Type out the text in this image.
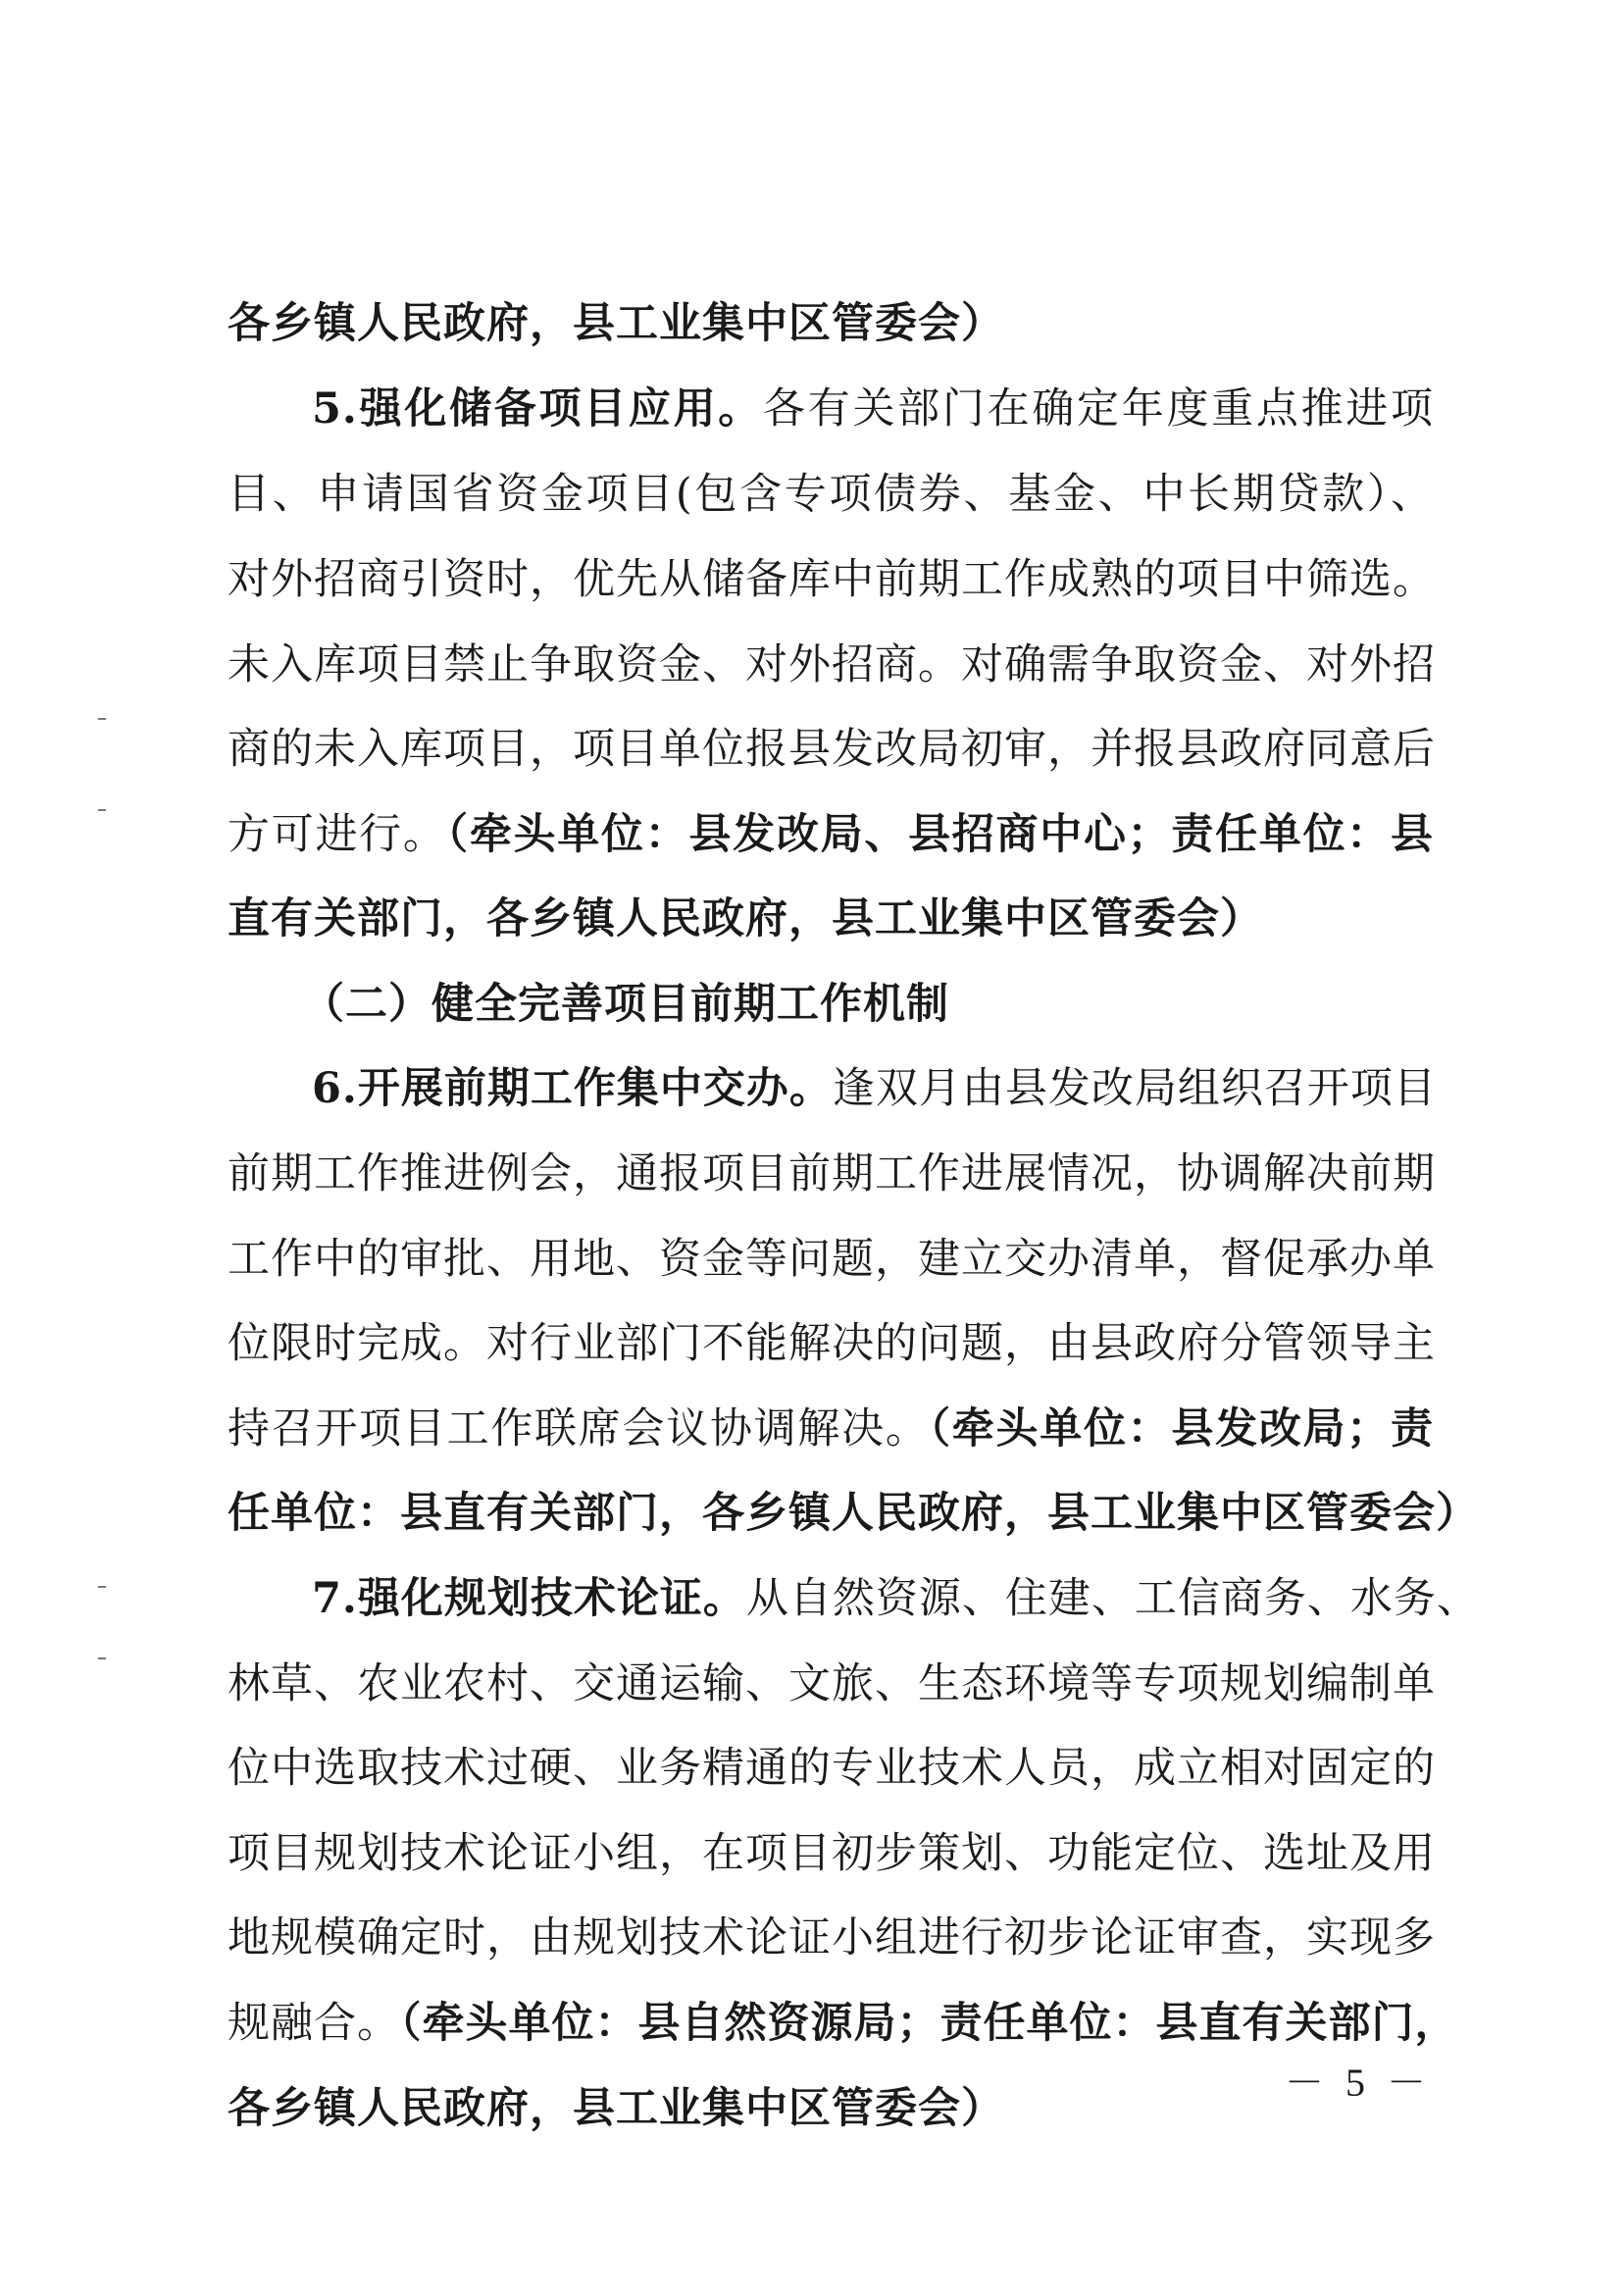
各乡镇人民政府，县工业集中区管委会）
5.强化储备项目应用。各有关部门在确定年度重点推进项
目、申请国省资金项目(包含专项债券、基金、中长期贷款）、
对外招商引资时，优先从储备库中前期工作成熟的项目中筛选。
未入库项目禁止争取资金、对外招商。对确需争取资金、对外招
商的未入库项目，项目单位报县发改局初审，并报县政府同意后
方可进行。（牵头单位：县发改局、县招商中心；责任单位：县
直有关部门，各乡镇人民政府，县工业集中区管委会）
（二）健全完善项目前期工作机制
6.开展前期工作集中交办。逢双月由县发改局组织召开项目
前期工作推进例会，通报项目前期工作进展情况，协调解决前期
工作中的审批、用地、资金等问题，建立交办清单，督促承办单
位限时完成。对行业部门不能解决的问题，由县政府分管领导主
持召开项目工作联席会议协调解决。（牵头单位：县发改局；责
任单位：县直有关部门，各乡镇人民政府，县工业集中区管委会）
7.强化规划技术论证。从自然资源、住建、工信商务、水务、
林草、农业农村、交通运输、文旅、生态环境等专项规划编制单
位中选取技术过硬、业务精通的专业技术人员，成立相对固定的
项目规划技术论证小组，在项目初步策划、功能定位、选址及用
地规模确定时，由规划技术论证小组进行初步论证审查，实现多
规融合。（牵头单位：县自然资源局；责任单位：县直有关部门，
各乡镇人民政府，县工业集中区管委会）
－ 5 －
